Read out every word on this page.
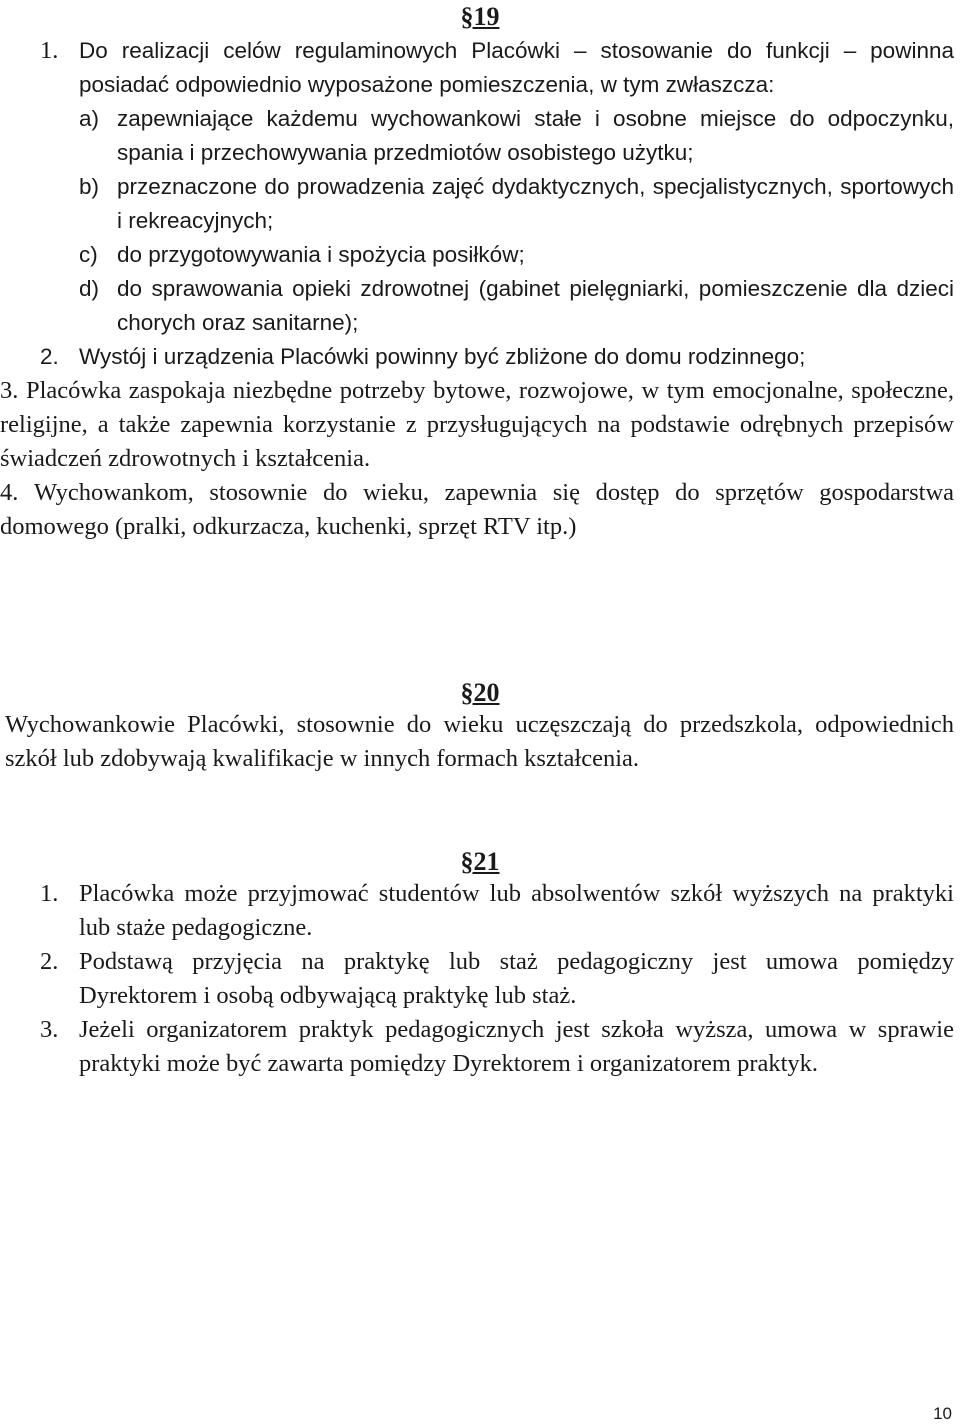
§19

1. Do realizacji celów regulaminowych Placówki – stosowanie do funkcji – powinna posiadać odpowiednio wyposażone pomieszczenia, w tym zwłaszcza:

a) zapewniające każdemu wychowankowi stałe i osobne miejsce do odpoczynku, spania i przechowywania przedmiotów osobistego użytku;

b) przeznaczone do prowadzenia zajęć dydaktycznych, specjalistycznych, sportowych i rekreacyjnych;

c) do przygotowywania i spożycia posiłków;

d) do sprawowania opieki zdrowotnej (gabinet pielęgniarki, pomieszczenie dla dzieci chorych oraz sanitarne);

2. Wystój i urządzenia Placówki powinny być zbliżone do domu rodzinnego;

3. Placówka zaspokaja niezbędne potrzeby bytowe, rozwojowe, w tym emocjonalne, społeczne, religijne, a także zapewnia korzystanie z przysługujących na podstawie odrębnych przepisów świadczeń zdrowotnych i kształcenia.

4. Wychowankom, stosownie do wieku, zapewnia się dostęp do sprzętów gospodarstwa domowego (pralki, odkurzacza, kuchenki, sprzęt RTV itp.)

§20

Wychowankowie Placówki, stosownie do wieku uczęszczają do przedszkola, odpowiednich szkół lub zdobywają kwalifikacje w innych formach kształcenia.

§21

1. Placówka może przyjmować studentów lub absolwentów szkół wyższych na praktyki lub staże pedagogiczne.

2. Podstawą przyjęcia na praktykę lub staż pedagogiczny jest umowa pomiędzy Dyrektorem i osobą odbywającą praktykę lub staż.

3. Jeżeli organizatorem praktyk pedagogicznych jest szkoła wyższa, umowa w sprawie praktyki może być zawarta pomiędzy Dyrektorem i organizatorem praktyk.

10
